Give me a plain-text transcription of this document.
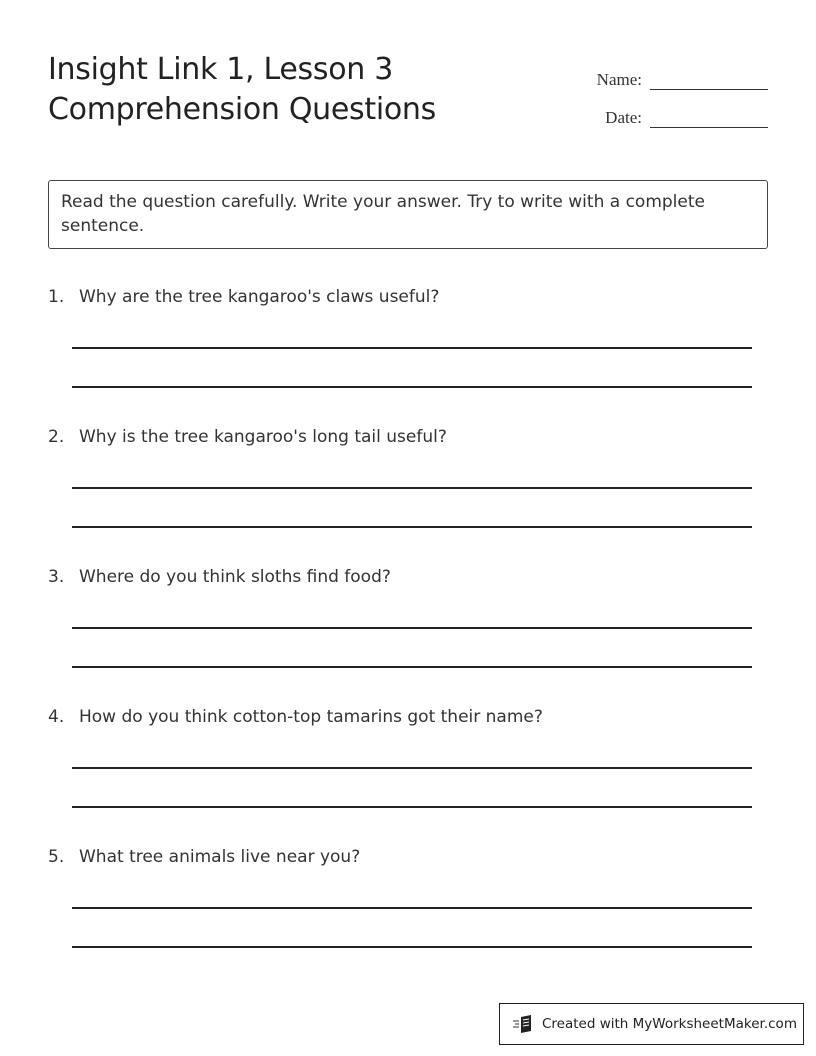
Insight Link 1, Lesson 3
Comprehension Questions
Name:
Date:
Read the question carefully. Write your answer. Try to write with a complete sentence.
1. Why are the tree kangaroo's claws useful?
2. Why is the tree kangaroo's long tail useful?
3. Where do you think sloths find food?
4. How do you think cotton-top tamarins got their name?
5. What tree animals live near you?
Created with MyWorksheetMaker.com
